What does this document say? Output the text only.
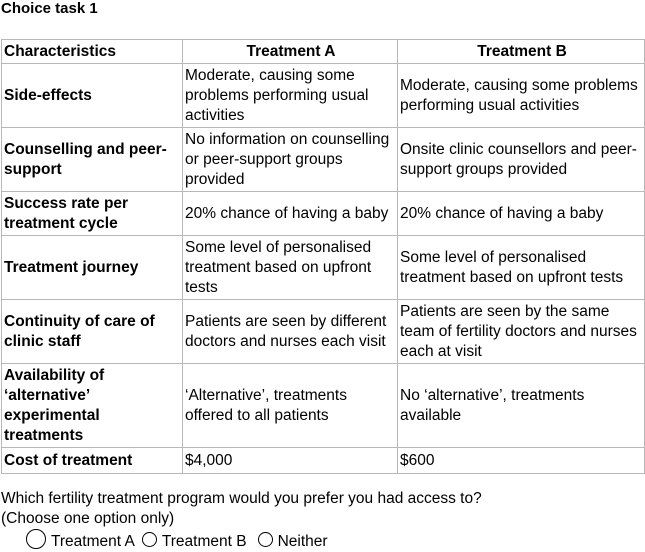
Choice task 1
Characteristics	Treatment A	Treatment B
Side-effects	Moderate, causing some problems performing usual activities	Moderate, causing some problems performing usual activities
Counselling and peer-support	No information on counselling or peer-support groups provided	Onsite clinic counsellors and peer-support groups provided
Success rate per treatment cycle	20% chance of having a baby	20% chance of having a baby
Treatment journey	Some level of personalised treatment based on upfront tests	Some level of personalised treatment based on upfront tests
Continuity of care of clinic staff	Patients are seen by different doctors and nurses each visit	Patients are seen by the same team of fertility doctors and nurses each at visit
Availability of ‘alternative’ experimental treatments	‘Alternative’, treatments offered to all patients	No ‘alternative’, treatments available
Cost of treatment	$4,000	$600
Which fertility treatment program would you prefer you had access to?
(Choose one option only)
Treatment A Treatment B Neither
